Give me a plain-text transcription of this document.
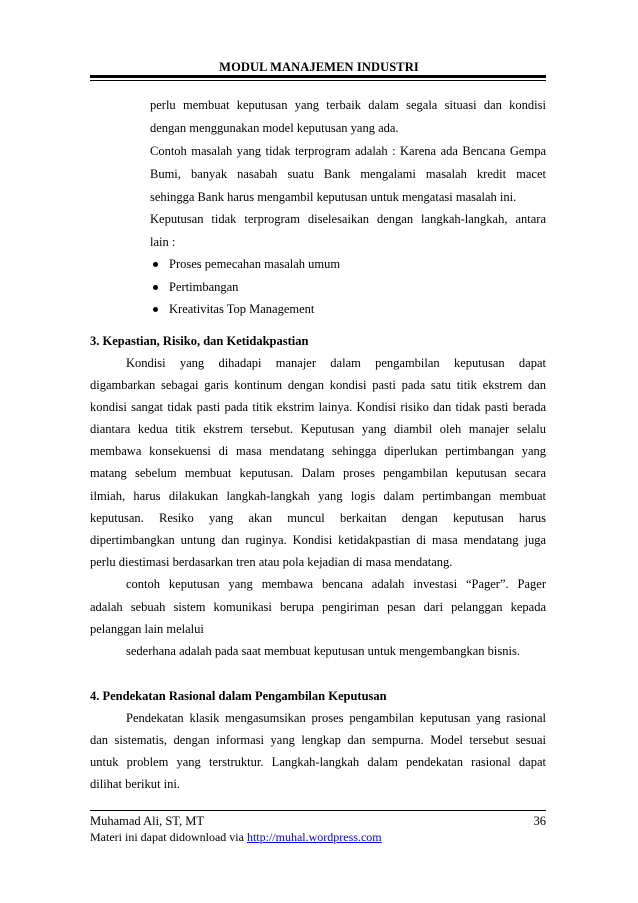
MODUL MANAJEMEN INDUSTRI
perlu membuat keputusan yang terbaik dalam segala situasi dan kondisi
dengan menggunakan model keputusan yang ada.
Contoh masalah yang tidak terprogram adalah : Karena ada Bencana Gempa
Bumi, banyak nasabah suatu Bank mengalami masalah kredit macet
sehingga Bank harus mengambil keputusan untuk mengatasi masalah ini.
Keputusan tidak terprogram diselesaikan dengan langkah-langkah, antara
lain :
Proses pemecahan masalah umum
Pertimbangan
Kreativitas Top Management
3. Kepastian, Risiko, dan Ketidakpastian
Kondisi yang dihadapi manajer dalam pengambilan keputusan dapat
digambarkan sebagai garis kontinum dengan kondisi pasti pada satu titik ekstrem dan
kondisi sangat tidak pasti pada titik ekstrim lainya. Kondisi risiko dan tidak pasti berada
diantara kedua titik ekstrem tersebut. Keputusan yang diambil oleh manajer selalu
membawa konsekuensi di masa mendatang sehingga diperlukan pertimbangan yang
matang sebelum membuat keputusan. Dalam proses pengambilan keputusan secara
ilmiah, harus dilakukan langkah-langkah yang logis dalam pertimbangan membuat
keputusan. Resiko yang akan muncul berkaitan dengan keputusan harus
dipertimbangkan untung dan ruginya. Kondisi ketidakpastian di masa mendatang juga
perlu diestimasi berdasarkan tren atau pola kejadian di masa mendatang.
contoh keputusan yang membawa bencana adalah investasi “Pager”. Pager
adalah sebuah sistem komunikasi berupa pengiriman pesan dari pelanggan kepada
pelanggan lain melalui
sederhana adalah pada saat membuat keputusan untuk mengembangkan bisnis.
4. Pendekatan Rasional dalam Pengambilan Keputusan
Pendekatan klasik mengasumsikan proses pengambilan keputusan yang rasional
dan sistematis, dengan informasi yang lengkap dan sempurna. Model tersebut sesuai
untuk problem yang terstruktur. Langkah-langkah dalam pendekatan rasional dapat
dilihat berikut ini.
Muhamad Ali, ST, MT	36
Materi ini dapat didownload via http://muhal.wordpress.com
